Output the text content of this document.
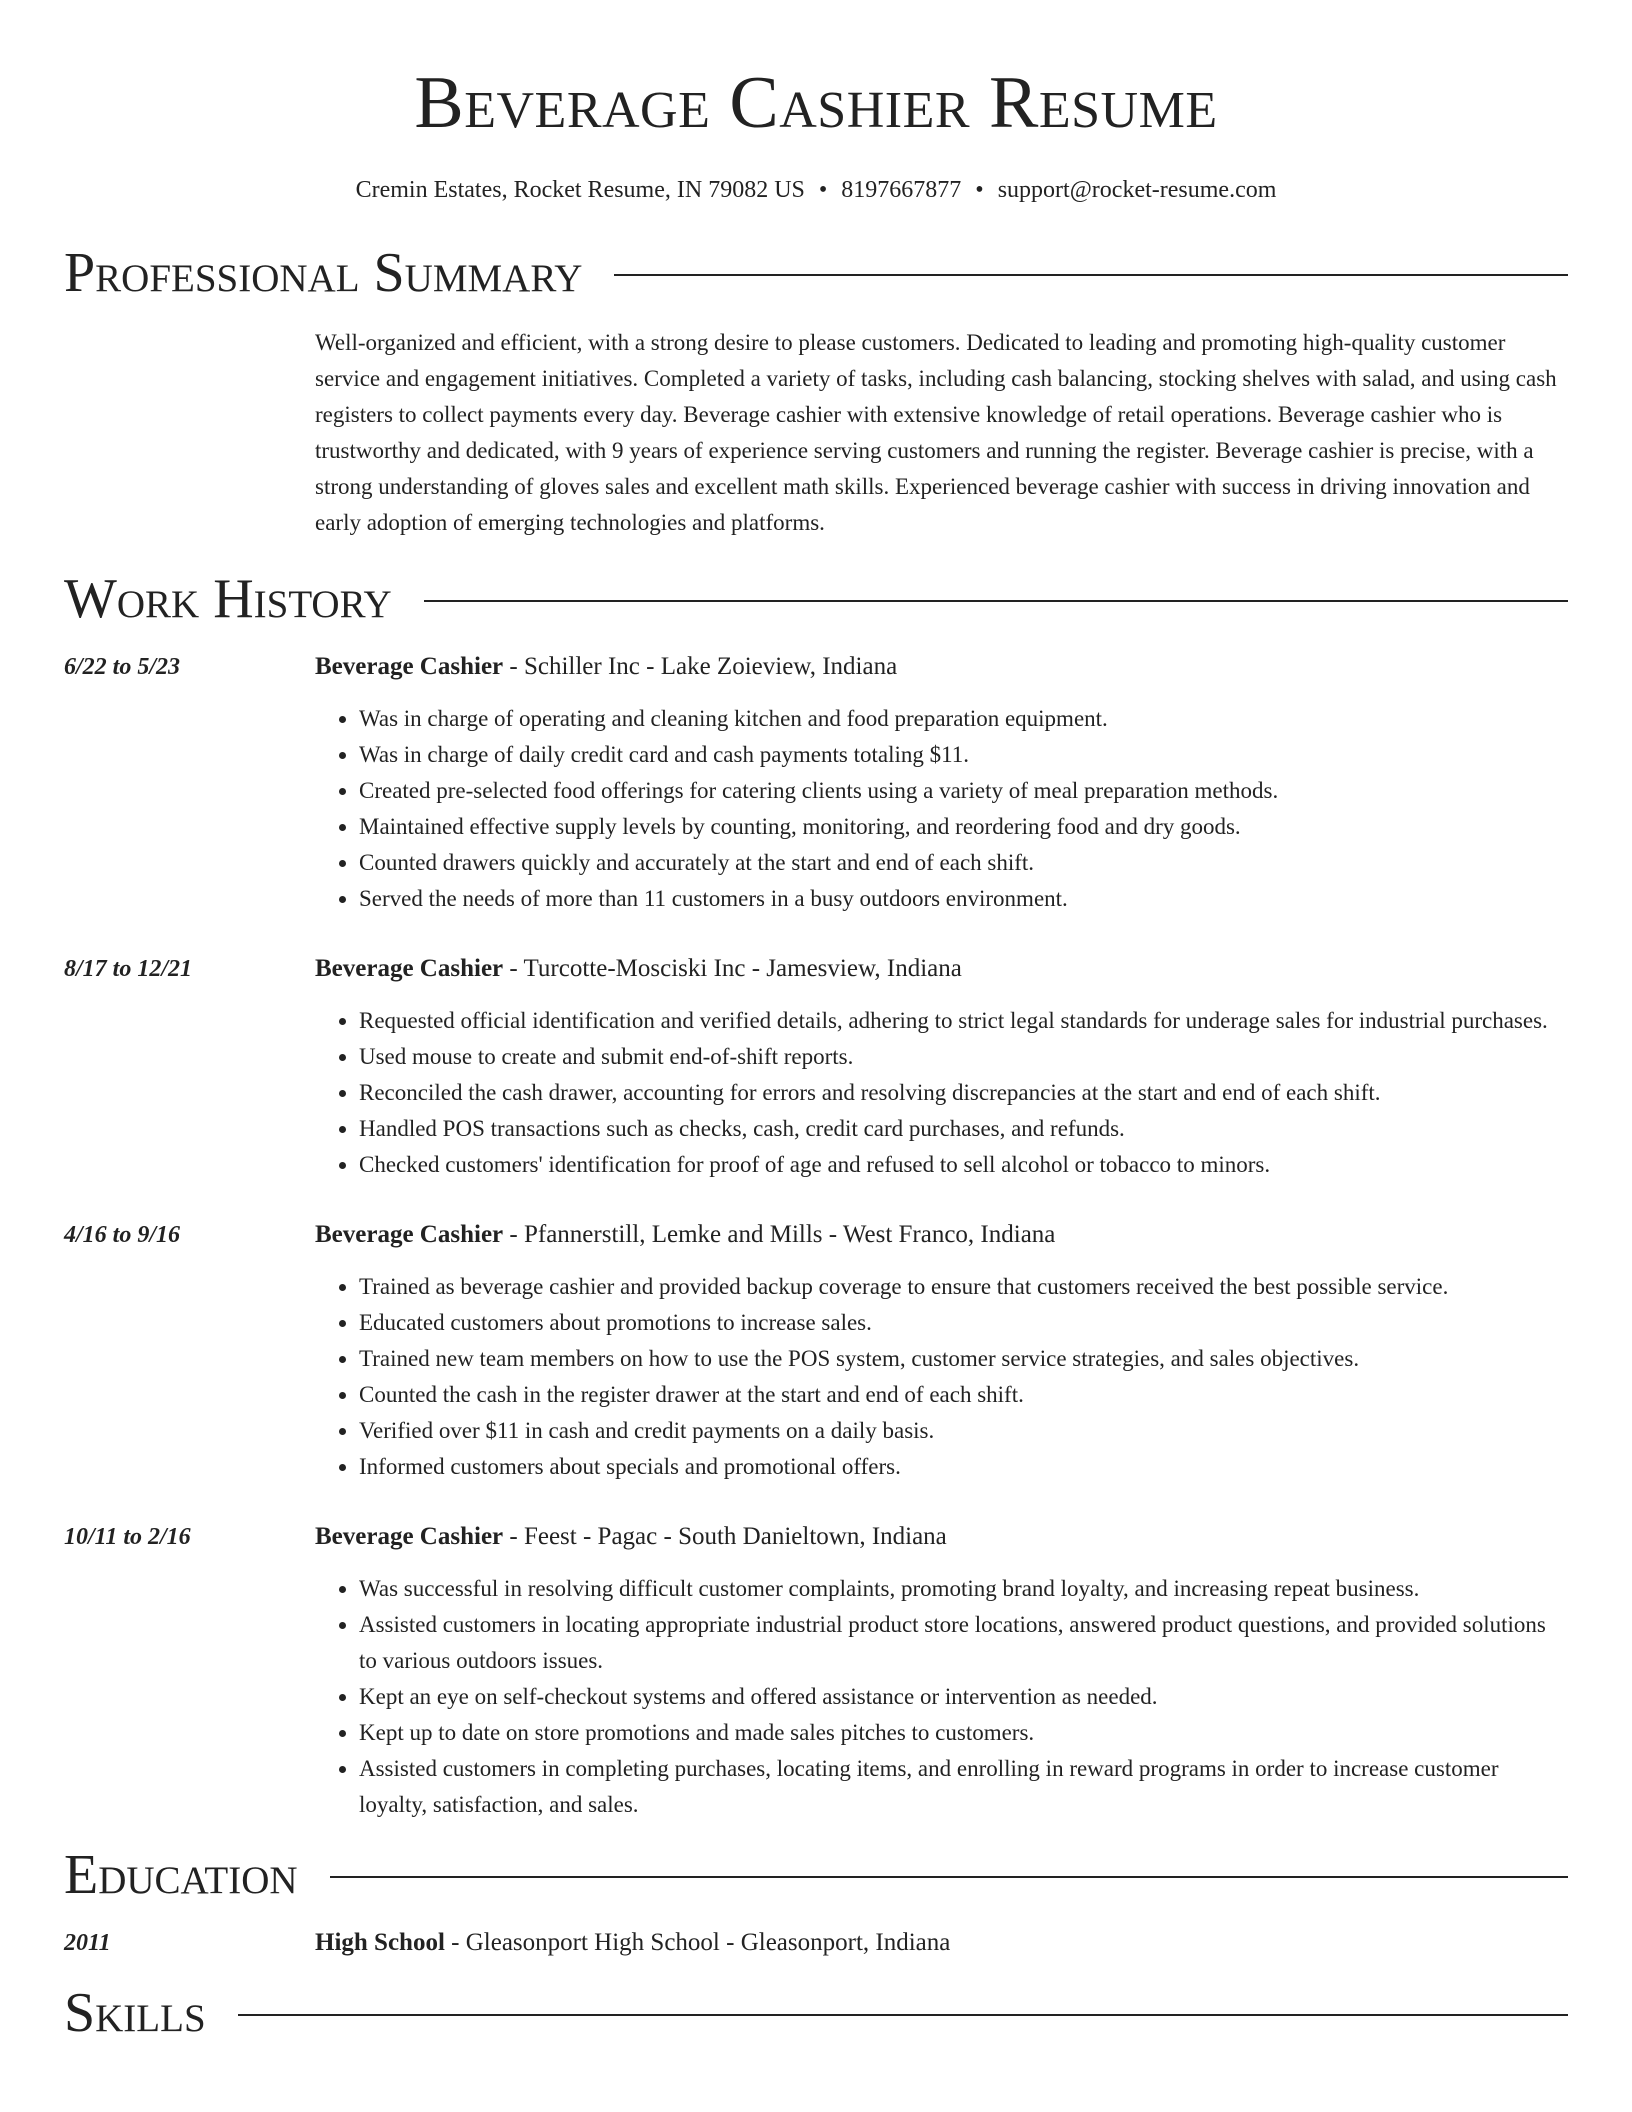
Beverage Cashier Resume
Cremin Estates, Rocket Resume, IN 79082 US • 8197667877 • support@rocket-resume.com
Professional Summary
Well-organized and efficient, with a strong desire to please customers. Dedicated to leading and promoting high-quality customer service and engagement initiatives. Completed a variety of tasks, including cash balancing, stocking shelves with salad, and using cash registers to collect payments every day. Beverage cashier with extensive knowledge of retail operations. Beverage cashier who is trustworthy and dedicated, with 9 years of experience serving customers and running the register. Beverage cashier is precise, with a strong understanding of gloves sales and excellent math skills. Experienced beverage cashier with success in driving innovation and early adoption of emerging technologies and platforms.
Work History
6/22 to 5/23	Beverage Cashier - Schiller Inc - Lake Zoieview, Indiana
• Was in charge of operating and cleaning kitchen and food preparation equipment.
• Was in charge of daily credit card and cash payments totaling $11.
• Created pre-selected food offerings for catering clients using a variety of meal preparation methods.
• Maintained effective supply levels by counting, monitoring, and reordering food and dry goods.
• Counted drawers quickly and accurately at the start and end of each shift.
• Served the needs of more than 11 customers in a busy outdoors environment.
8/17 to 12/21	Beverage Cashier - Turcotte-Mosciski Inc - Jamesview, Indiana
• Requested official identification and verified details, adhering to strict legal standards for underage sales for industrial purchases.
• Used mouse to create and submit end-of-shift reports.
• Reconciled the cash drawer, accounting for errors and resolving discrepancies at the start and end of each shift.
• Handled POS transactions such as checks, cash, credit card purchases, and refunds.
• Checked customers' identification for proof of age and refused to sell alcohol or tobacco to minors.
4/16 to 9/16	Beverage Cashier - Pfannerstill, Lemke and Mills - West Franco, Indiana
• Trained as beverage cashier and provided backup coverage to ensure that customers received the best possible service.
• Educated customers about promotions to increase sales.
• Trained new team members on how to use the POS system, customer service strategies, and sales objectives.
• Counted the cash in the register drawer at the start and end of each shift.
• Verified over $11 in cash and credit payments on a daily basis.
• Informed customers about specials and promotional offers.
10/11 to 2/16	Beverage Cashier - Feest - Pagac - South Danieltown, Indiana
• Was successful in resolving difficult customer complaints, promoting brand loyalty, and increasing repeat business.
• Assisted customers in locating appropriate industrial product store locations, answered product questions, and provided solutions to various outdoors issues.
• Kept an eye on self-checkout systems and offered assistance or intervention as needed.
• Kept up to date on store promotions and made sales pitches to customers.
• Assisted customers in completing purchases, locating items, and enrolling in reward programs in order to increase customer loyalty, satisfaction, and sales.
Education
2011	High School - Gleasonport High School - Gleasonport, Indiana
Skills
